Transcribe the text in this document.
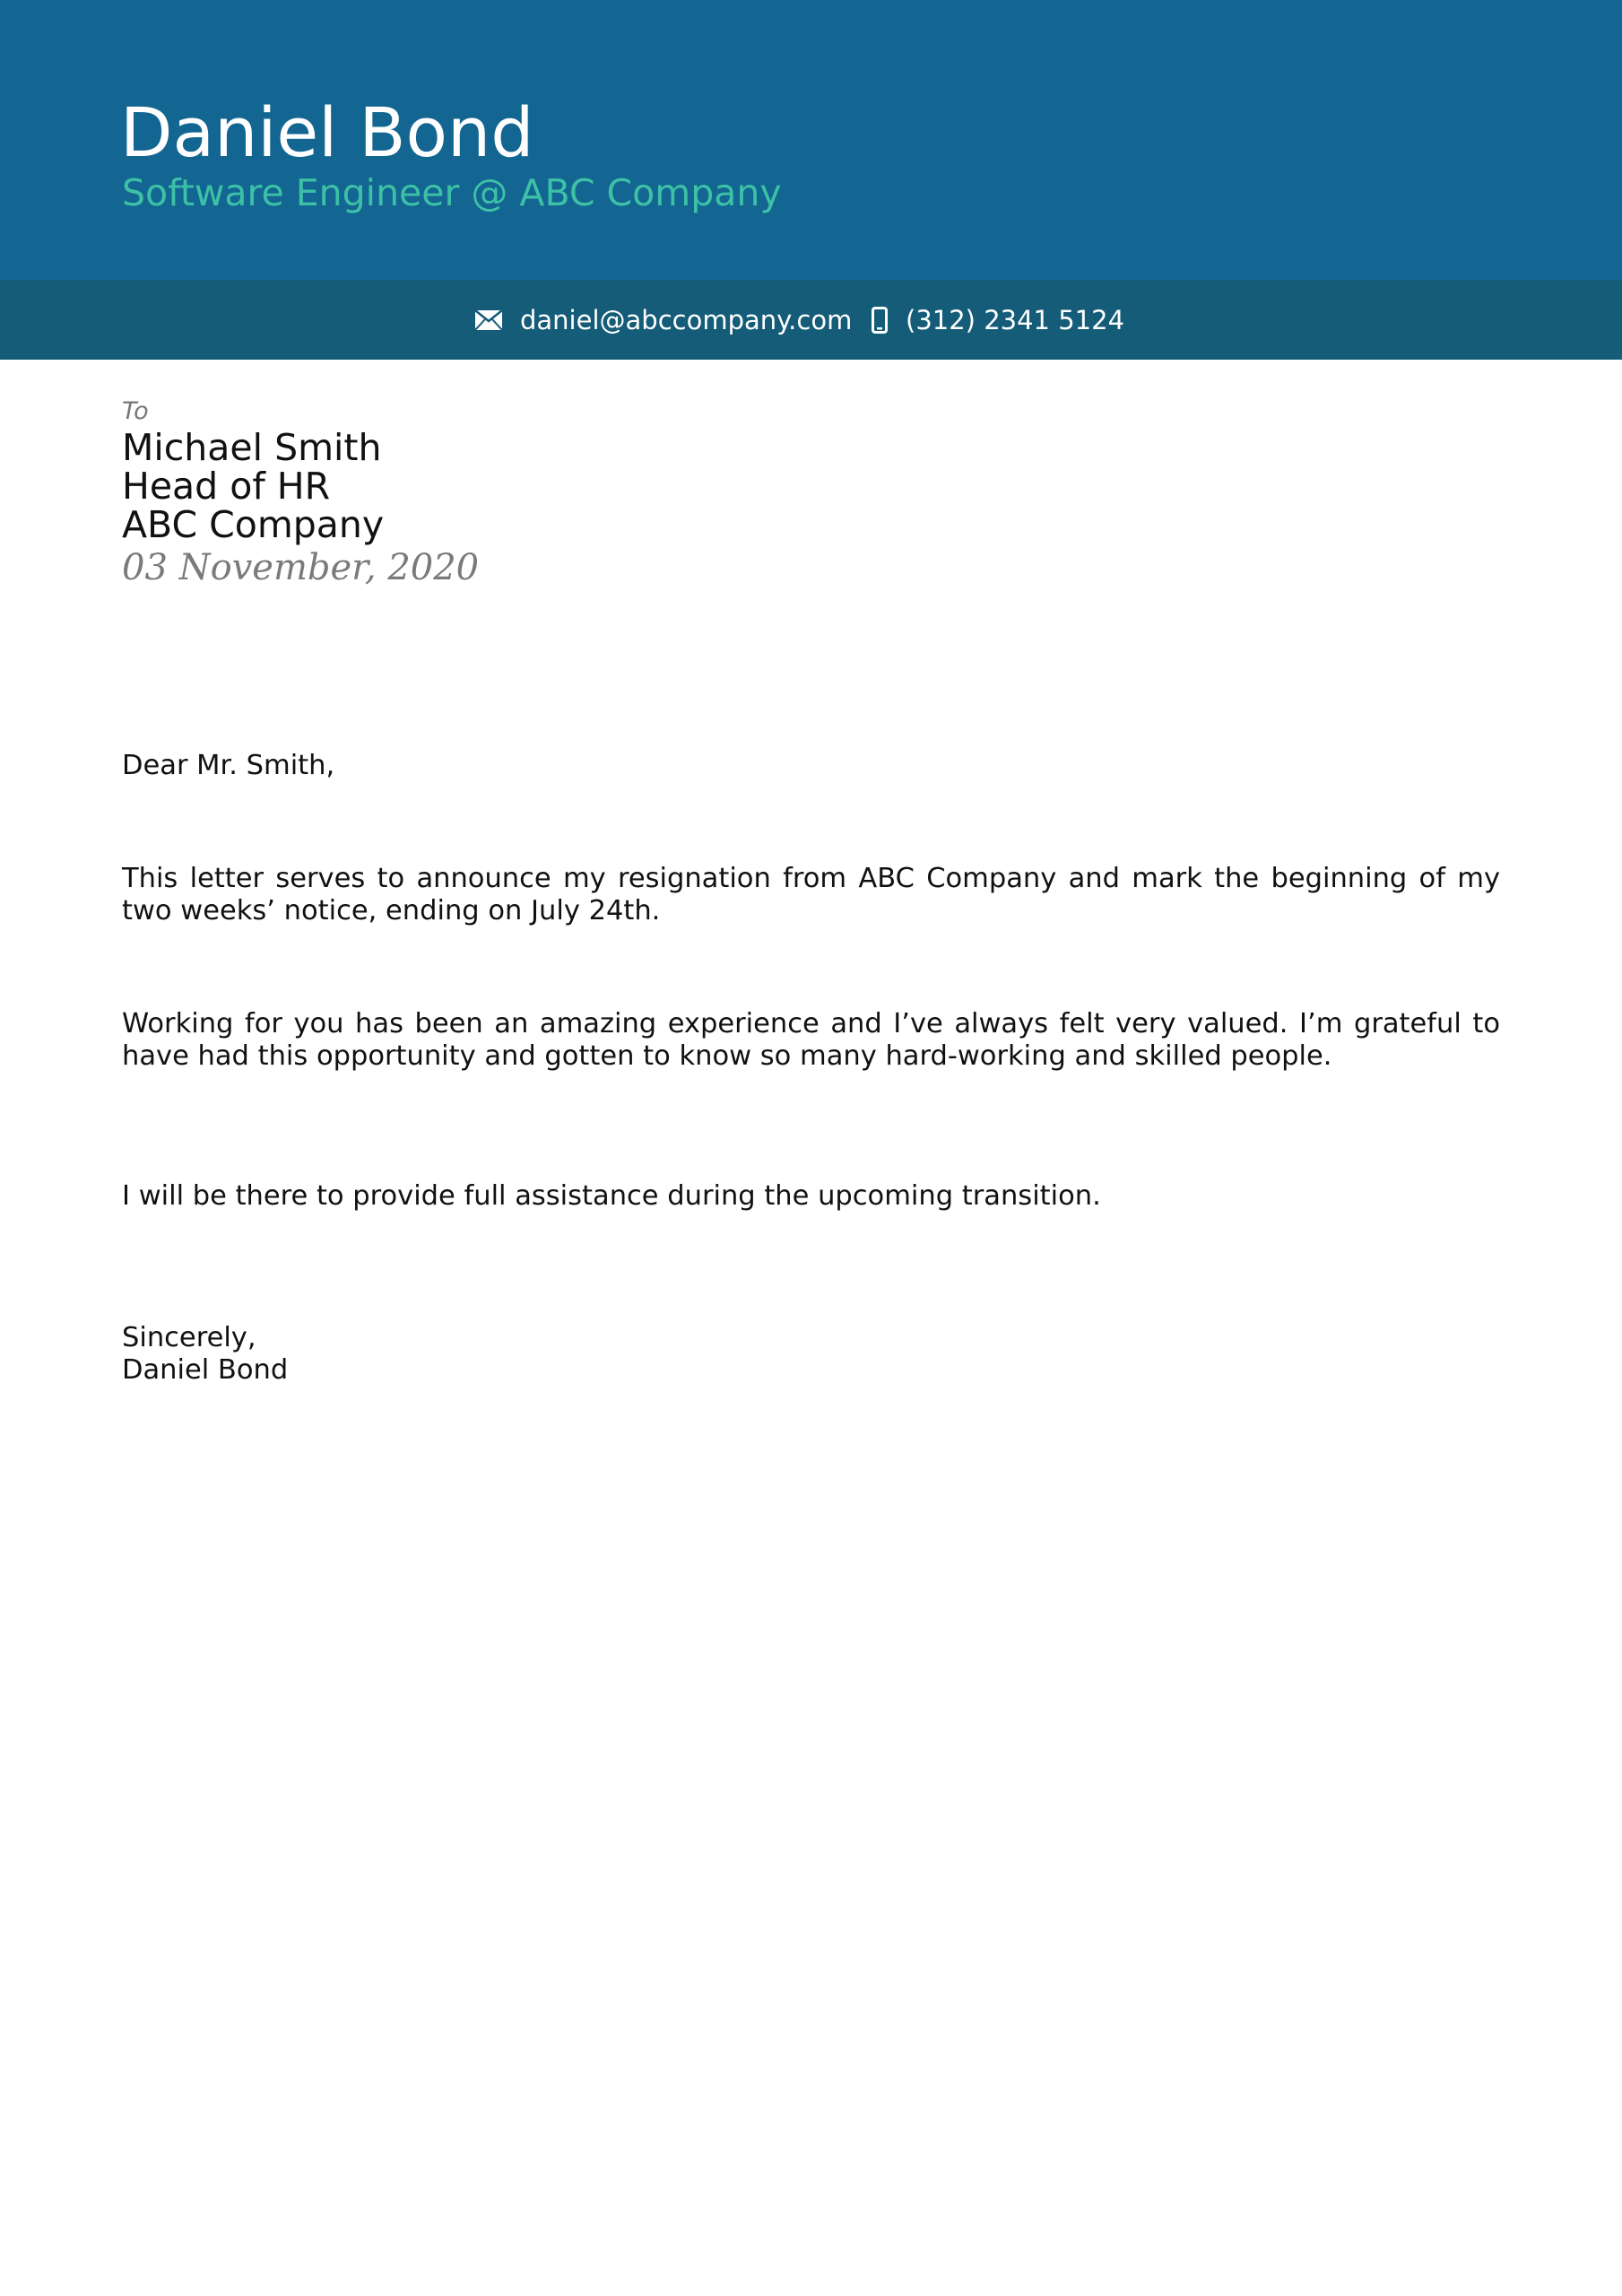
Daniel Bond
Software Engineer @ ABC Company
daniel@abccompany.com (312) 2341 5124
To
Michael Smith
Head of HR
ABC Company
03 November, 2020
Dear Mr. Smith,
This letter serves to announce my resignation from ABC Company and mark the beginning of my two weeks’ notice, ending on July 24th.
Working for you has been an amazing experience and I’ve always felt very valued. I’m grateful to have had this opportunity and gotten to know so many hard-working and skilled people.
I will be there to provide full assistance during the upcoming transition.
Sincerely,
Daniel Bond
